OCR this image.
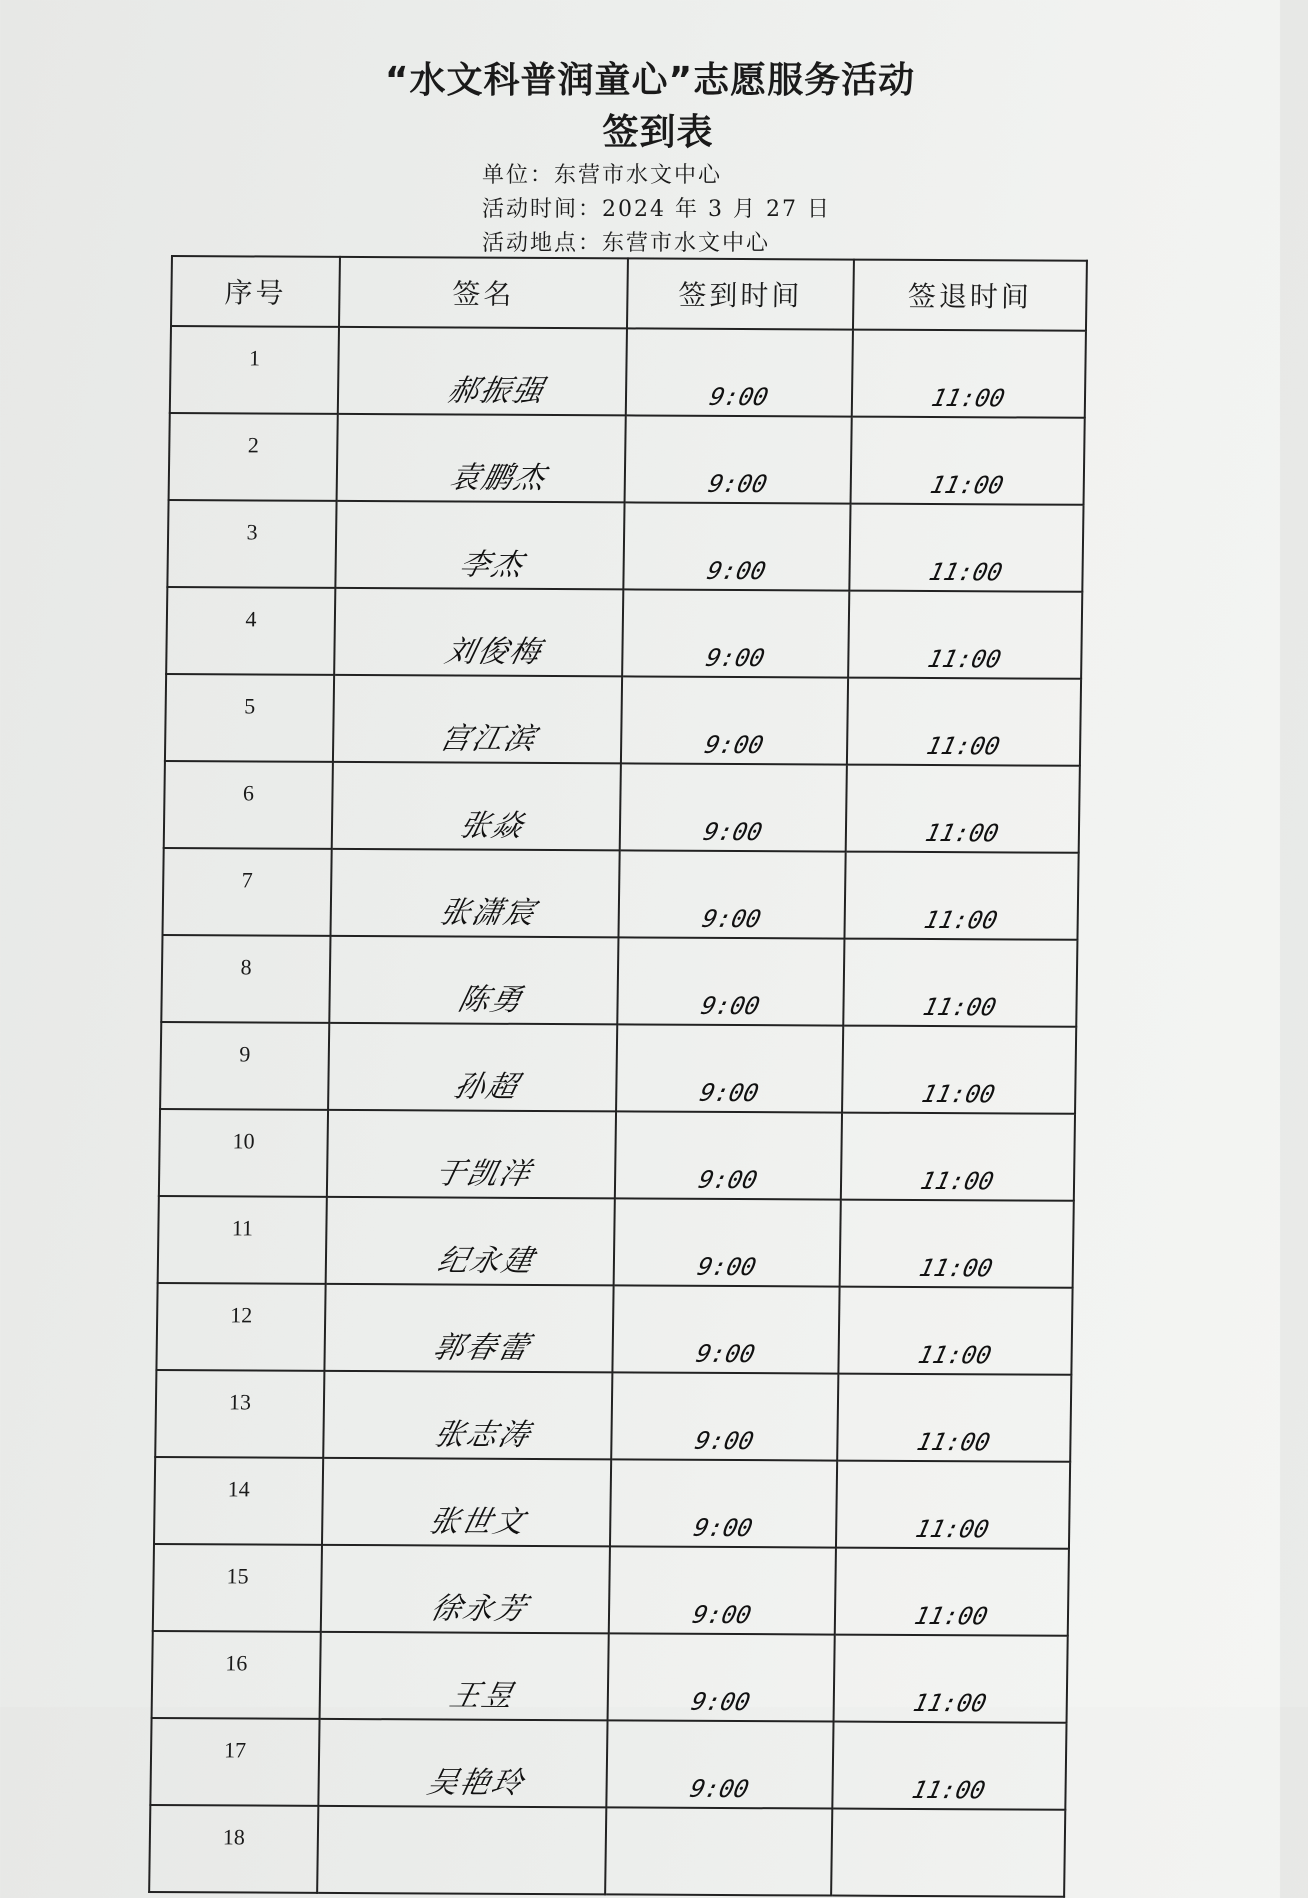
“水文科普润童心”志愿服务活动
签到表
单位：东营市水文中心
活动时间：2024 年 3 月 27 日
活动地点：东营市水文中心
序号	签名	签到时间	签退时间
1	郝振强	9:00	11:00
2	袁鹏杰	9:00	11:00
3	李杰	9:00	11:00
4	刘俊梅	9:00	11:00
5	宫江滨	9:00	11:00
6	张焱	9:00	11:00
7	张潇宸	9:00	11:00
8	陈勇	9:00	11:00
9	孙超	9:00	11:00
10	于凯洋	9:00	11:00
11	纪永建	9:00	11:00
12	郭春蕾	9:00	11:00
13	张志涛	9:00	11:00
14	张世文	9:00	11:00
15	徐永芳	9:00	11:00
16	王昱	9:00	11:00
17	吴艳玲	9:00	11:00
18			
